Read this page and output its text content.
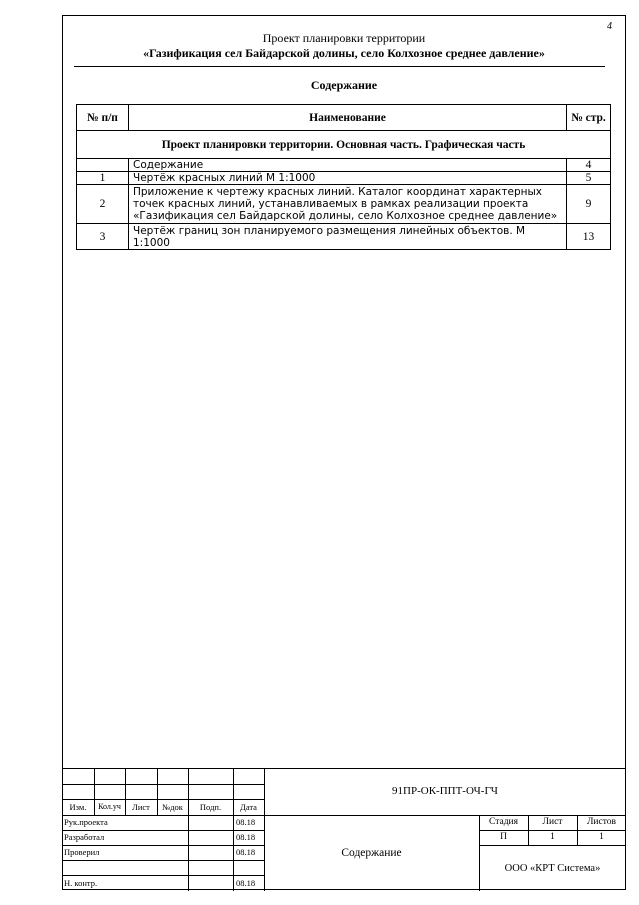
4
Проект планировки территории
«Газификация сел Байдарской долины, село Колхозное среднее давление»
Содержание
№ п/п	Наименование	№ стр.
Проект планировки территории. Основная часть. Графическая часть		
	Содержание	4
1	Чертёж красных линий М 1:1000	5
2	Приложение к чертежу красных линий. Каталог координат характерных точек красных линий, устанавливаемых в рамках реализации проекта «Газификация сел Байдарской долины, село Колхозное среднее давление»	9
3	Чертёж границ зон планируемого размещения линейных объектов. М 1:1000	13
Изм.	Кол.уч	Лист	№док	Подп.	Дата
Рук.проекта	08.18
Разработал	08.18
Проверил	08.18
Н. контр.	08.18
91ПР-ОК-ППТ-ОЧ-ГЧ
Содержание
Стадия	Лист	Листов
П	1	1
ООО «КРТ Система»
